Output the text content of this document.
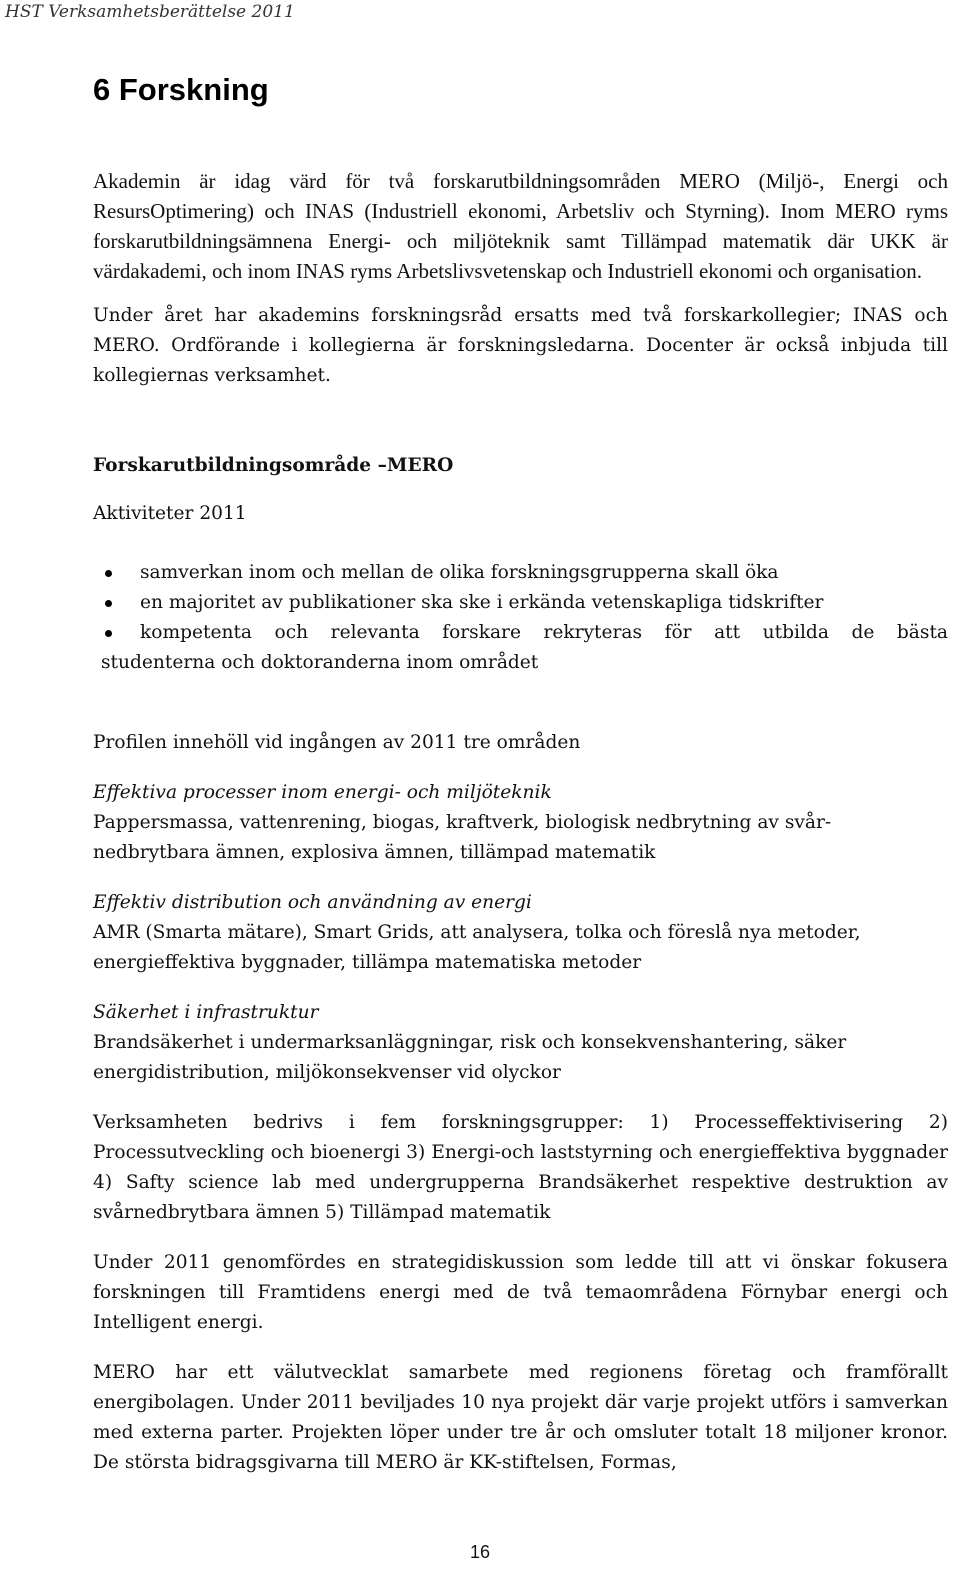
HST Verksamhetsberättelse 2011
6 Forskning

Akademin är idag värd för två forskarutbildningsområden MERO (Miljö-, Energi och ResursOptimering) och INAS (Industriell ekonomi, Arbetsliv och Styrning). Inom MERO ryms forskarutbildningsämnena Energi- och miljöteknik samt Tillämpad matematik där UKK är värdakademi, och inom INAS ryms Arbetslivsvetenskap och Industriell ekonomi och organisation.

Under året har akademins forskningsråd ersatts med två forskarkollegier; INAS och MERO. Ordförande i kollegierna är forskningsledarna. Docenter är också inbjuda till kollegiernas verksamhet.

Forskarutbildningsområde –MERO

Aktiviteter 2011

samverkan inom och mellan de olika forskningsgrupperna skall öka
en majoritet av publikationer ska ske i erkända vetenskapliga tidskrifter
kompetenta och relevanta forskare rekryteras för att utbilda de bästa
studenterna och doktoranderna inom området

Profilen innehöll vid ingången av 2011 tre områden

Effektiva processer inom energi- och miljöteknik

Pappersmassa, vattenrening, biogas, kraftverk, biologisk nedbrytning av svår-nedbrytbara ämnen, explosiva ämnen, tillämpad matematik

Effektiv distribution och användning av energi

AMR (Smarta mätare), Smart Grids, att analysera, tolka och föreslå nya metoder, energieffektiva byggnader, tillämpa matematiska metoder

Säkerhet i infrastruktur

Brandsäkerhet i undermarksanläggningar, risk och konsekvenshantering, säker energidistribution, miljökonsekvenser vid olyckor

Verksamheten bedrivs i fem forskningsgrupper: 1) Processeffektivisering 2) Processutveckling och bioenergi 3) Energi-och laststyrning och energieffektiva byggnader 4) Safty science lab med undergrupperna Brandsäkerhet respektive destruktion av svårnedbrytbara ämnen 5) Tillämpad matematik

Under 2011 genomfördes en strategidiskussion som ledde till att vi önskar fokusera forskningen till Framtidens energi med de två temaområdena Förnybar energi och Intelligent energi.

MERO har ett välutvecklat samarbete med regionens företag och framförallt energibolagen. Under 2011 beviljades 10 nya projekt där varje projekt utförs i samverkan med externa parter. Projekten löper under tre år och omsluter totalt 18 miljoner kronor. De största bidragsgivarna till MERO är KK-stiftelsen, Formas,

16
